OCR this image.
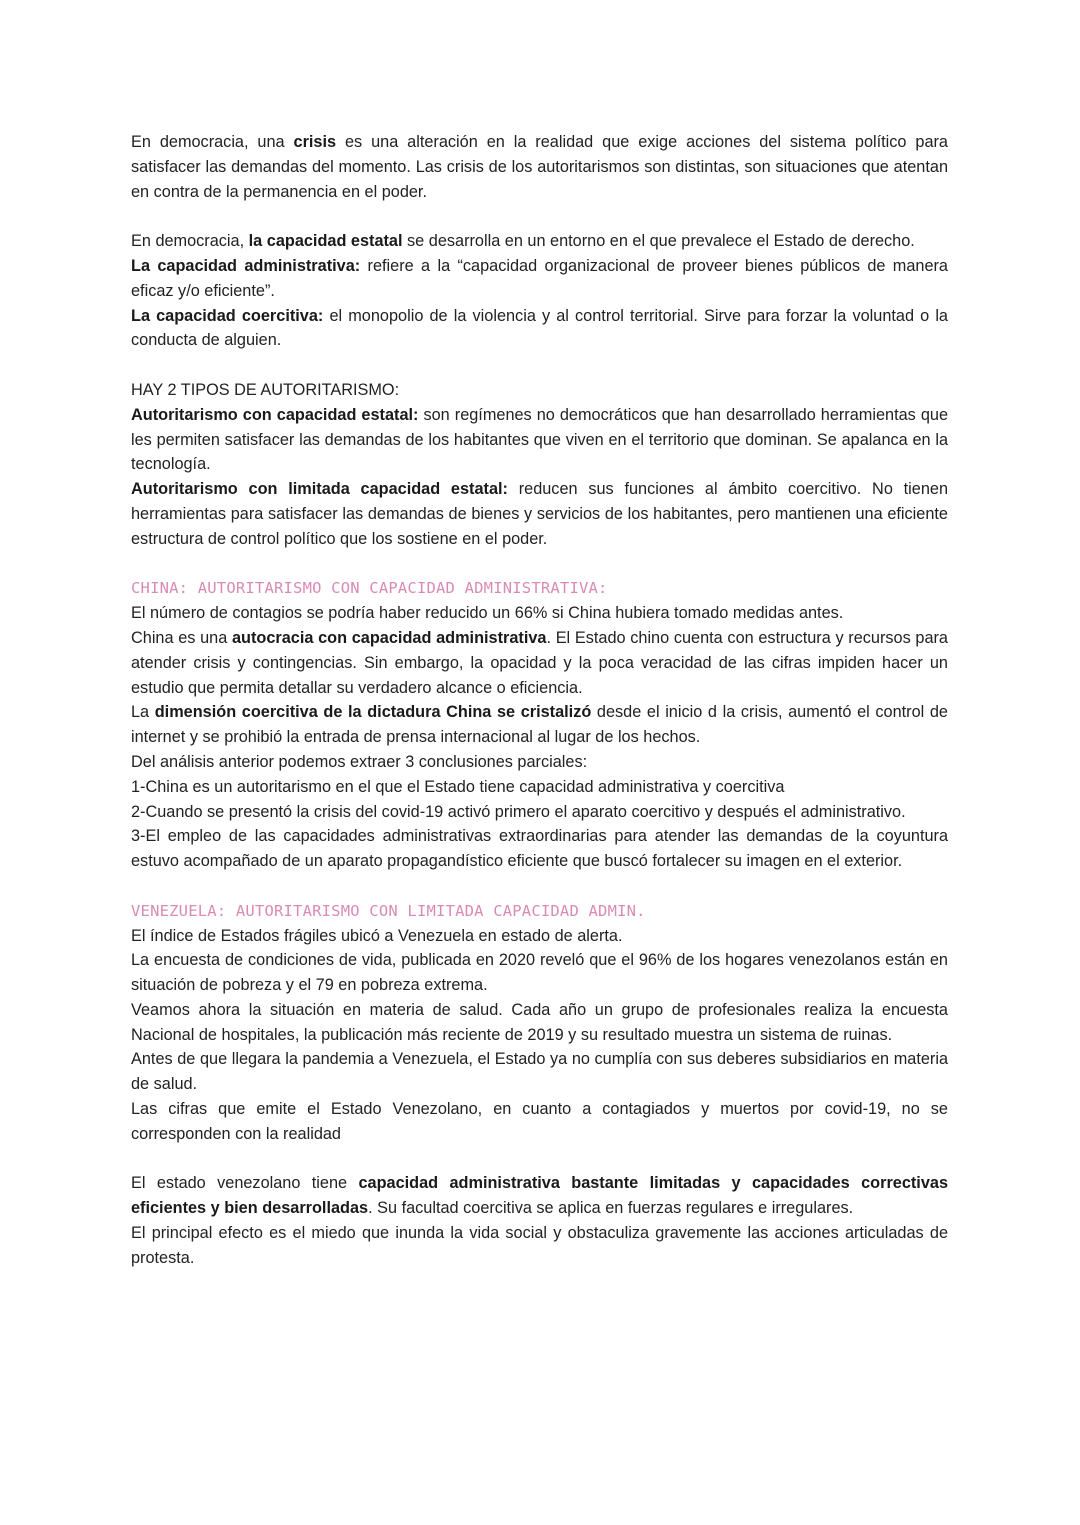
En democracia, una crisis es una alteración en la realidad que exige acciones del sistema político para satisfacer las demandas del momento. Las crisis de los autoritarismos son distintas, son situaciones que atentan en contra de la permanencia en el poder.

En democracia, la capacidad estatal se desarrolla en un entorno en el que prevalece el Estado de derecho.

La capacidad administrativa: refiere a la “capacidad organizacional de proveer bienes públicos de manera eficaz y/o eficiente”.

La capacidad coercitiva: el monopolio de la violencia y al control territorial. Sirve para forzar la voluntad o la conducta de alguien.

HAY 2 TIPOS DE AUTORITARISMO:

Autoritarismo con capacidad estatal: son regímenes no democráticos que han desarrollado herramientas que les permiten satisfacer las demandas de los habitantes que viven en el territorio que dominan. Se apalanca en la tecnología.

Autoritarismo con limitada capacidad estatal: reducen sus funciones al ámbito coercitivo. No tienen herramientas para satisfacer las demandas de bienes y servicios de los habitantes, pero mantienen una eficiente estructura de control político que los sostiene en el poder.

CHINA: AUTORITARISMO CON CAPACIDAD ADMINISTRATIVA:

El número de contagios se podría haber reducido un 66% si China hubiera tomado medidas antes.

China es una autocracia con capacidad administrativa. El Estado chino cuenta con estructura y recursos para atender crisis y contingencias. Sin embargo, la opacidad y la poca veracidad de las cifras impiden hacer un estudio que permita detallar su verdadero alcance o eficiencia.

La dimensión coercitiva de la dictadura China se cristalizó desde el inicio d la crisis, aumentó el control de internet y se prohibió la entrada de prensa internacional al lugar de los hechos.

Del análisis anterior podemos extraer 3 conclusiones parciales:

1-China es un autoritarismo en el que el Estado tiene capacidad administrativa y coercitiva

2-Cuando se presentó la crisis del covid-19 activó primero el aparato coercitivo y después el administrativo.

3-El empleo de las capacidades administrativas extraordinarias para atender las demandas de la coyuntura estuvo acompañado de un aparato propagandístico eficiente que buscó fortalecer su imagen en el exterior.

VENEZUELA: AUTORITARISMO CON LIMITADA CAPACIDAD ADMIN.

El índice de Estados frágiles ubicó a Venezuela en estado de alerta.

La encuesta de condiciones de vida, publicada en 2020 reveló que el 96% de los hogares venezolanos están en situación de pobreza y el 79 en pobreza extrema.

Veamos ahora la situación en materia de salud. Cada año un grupo de profesionales realiza la encuesta Nacional de hospitales, la publicación más reciente de 2019 y su resultado muestra un sistema de ruinas.

Antes de que llegara la pandemia a Venezuela, el Estado ya no cumplía con sus deberes subsidiarios en materia de salud.

Las cifras que emite el Estado Venezolano, en cuanto a contagiados y muertos por covid-19, no se corresponden con la realidad

El estado venezolano tiene capacidad administrativa bastante limitadas y capacidades correctivas eficientes y bien desarrolladas. Su facultad coercitiva se aplica en fuerzas regulares e irregulares.

El principal efecto es el miedo que inunda la vida social y obstaculiza gravemente las acciones articuladas de protesta.
